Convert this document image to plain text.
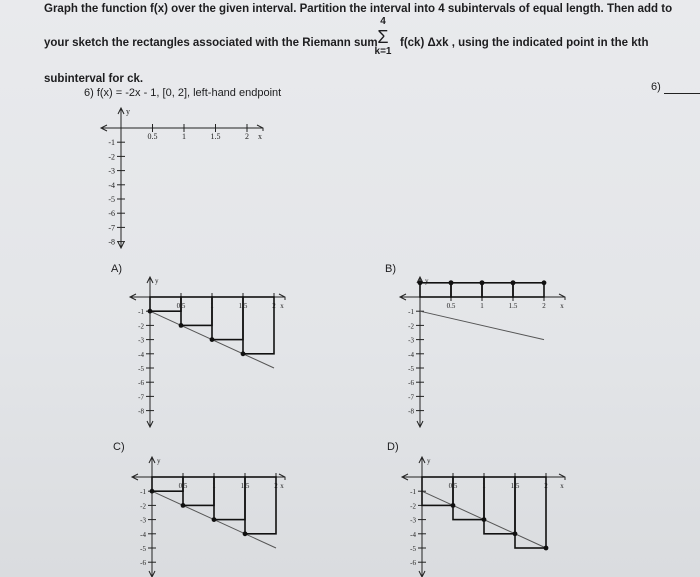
Graph the function f(x) over the given interval. Partition the interval into 4 subintervals of equal length. Then add to
your sketch the rectangles associated with the Riemann sum
4
Σ
k=1
f(ck) Δxk , using the indicated point in the kth
subinterval for ck.
6) f(x) = -2x - 1, [0, 2], left-hand endpoint	6)
A)	B)
C)	D)
y
x
0.5	1	1.5	2
-1
-2
-3
-4
-5
-6
-7
-8
y
x
0.5	1	1.5	2
-1
-2
-3
-4
-5
-6
-7
-8
y
x
0.5	1	1.5	2
-1
-2
-3
-4
-5
-6
-7
-8
y
x
0.5	1	1.5	2
-1
-2
-3
-4
-5
-6
y
x
0.5	1	1.5	2
-1
-2
-3
-4
-5
-6
